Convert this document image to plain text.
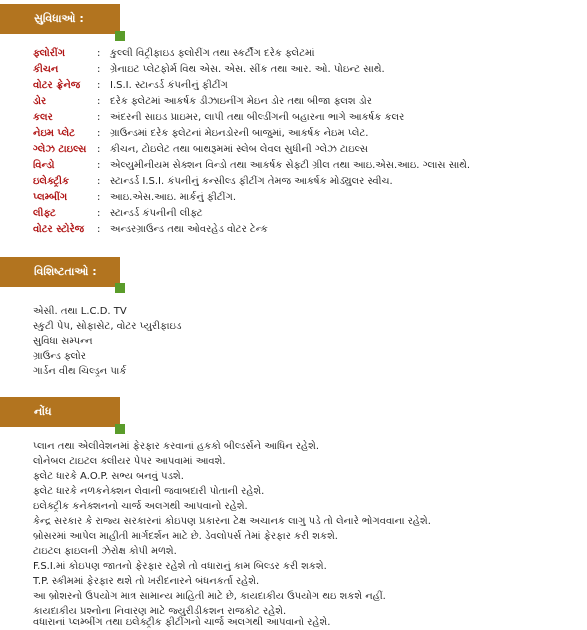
સુવિધાઓ :
ફ્લોરીંગ	: કુલ્લી વિટ્રીફાઇડ ફ્લોરીંગ તથા સ્કર્ટીંગ દરેક ફ્લેટમાં
કીચન	: ગ્રેનાઇટ પ્લેટફોર્મ વિથ એસ. એસ. સીંક તથા આર. ઓ. પોઇન્ટ સાથે.
વોટર ફ્રેનેજ : I.S.I. સ્ટાન્ડર્ડ કંપનીનું ફીટીંગ
ડોર	: દરેક ફ્લેટમાં આકર્ષક ડીઝાઇનીંગ મેઇન ડોર તથા બીજા ફ્લશ ડોર
કલર	: અંદરની સાઇડ પ્રાઇમર, લાપી તથા બીલ્ડીંગની બહારના ભાગે આકર્ષક કલર
નેઇમ પ્લેટ : ગ્રાઉન્ડમાં દરેક ફ્લેટનાં મેઇનડોરની બાજુમાં, આકર્ષક નેઇમ પ્લેટ.
ગ્લેઝ ટાઇલ્સ : કીચન, ટોઇલેટ તથા બાથરૂમમાં સ્લેબ લેવલ સુધીની ગ્લેઝ ટાઇલ્સ
વિન્ડો	: એલ્યુમીનીયમ સેક્શન વિન્ડો તથા આકર્ષક સેફ્ટી ગ્રીલ તથા આઇ.એસ.આઇ. ગ્લાસ સાથે.
ઇલેક્ટ્રીક	: સ્ટાન્ડર્ડ I.S.I. કંપનીનું કન્સીલ્ડ ફીટીંગ તેમજ આકર્ષક મોડ્યુલર સ્વીચ.
પ્લમ્બીંગ	: આઇ.એસ.આઇ. માર્કનું ફીટીંગ.
લીફ્ટ	: સ્ટાન્ડર્ડ કંપનીની લીફ્ટ
વોટર સ્ટોરેજ : અન્ડરગ્રાઉન્ડ તથા ઓવરહેડ વોટર ટેન્ક
વિશિષ્ટતાઓ :
એસી. તથા L.C.D. TV
સ્કુટી પેપ, સોફાસેટ, વોટર પ્યુરીફાઇડ
સુવિધા સમ્પન્ન
ગ્રાઉન્ડ ફ્લોર
ગાર્ડન વીથ ચિલ્ડ્રન પાર્ક
નોંધ
પ્લાન તથા એલીવેશનમાં ફેરફાર કરવાનાં હકકો બીલ્ડર્સને આધિન રહેશે.
લોનેબલ ટાઇટલ ક્લીયર પેપર આપવામાં આવશે.
ફ્લેટ ધારકે A.O.P. સભ્ય બનવું પડશે.
ફ્લેટ ધારકે નળકનેક્શન લેવાની જવાબદારી પોતાની રહેશે.
ઇલેક્ટ્રીક કનેક્શનનો ચાર્જ અલગથી આપવાનો રહેશે.
કેન્દ્ર સરકાર કે રાજ્ય સરકારનાં કોઇપણ પ્રકારના ટેક્ષ અચાનક લાગુ પડે તો લેનારે ભોગવવાના રહેશે.
બ્રોસરમાં આપેલ માહીતી માર્ગદર્શન માટે છે. ડેવલોપર્સ તેમાં ફેરફાર કરી શકશે.
ટાઇટલ ફાઇલની ઝેરોક્ષ કોપી મળશે.
F.S.I.માં કોઇપણ જાતનો ફેરફાર રહેશે તો વધારાનું કામ બિલ્ડર કરી શકશે.
T.P. સ્કીમમાં ફેરફાર થશે તો ખરીદનારને બંધનકર્તા રહેશે.
આ બ્રોશરનો ઉપયોગ માત્ર સામાન્ય માહિતી માટે છે, કાયદાકીય ઉપયોગ થઇ શકશે નહીં.
કાયદાકીય પ્રશ્નોના નિવારણ માટે જ્યુરીડીકશન રાજકોટ રહેશે.
વધારાનાં પ્લમ્બીંગ તથા ઇલેક્ટ્રીક ફીટીંગનો ચાર્જ અલગથી આપવાનો રહેશે.
